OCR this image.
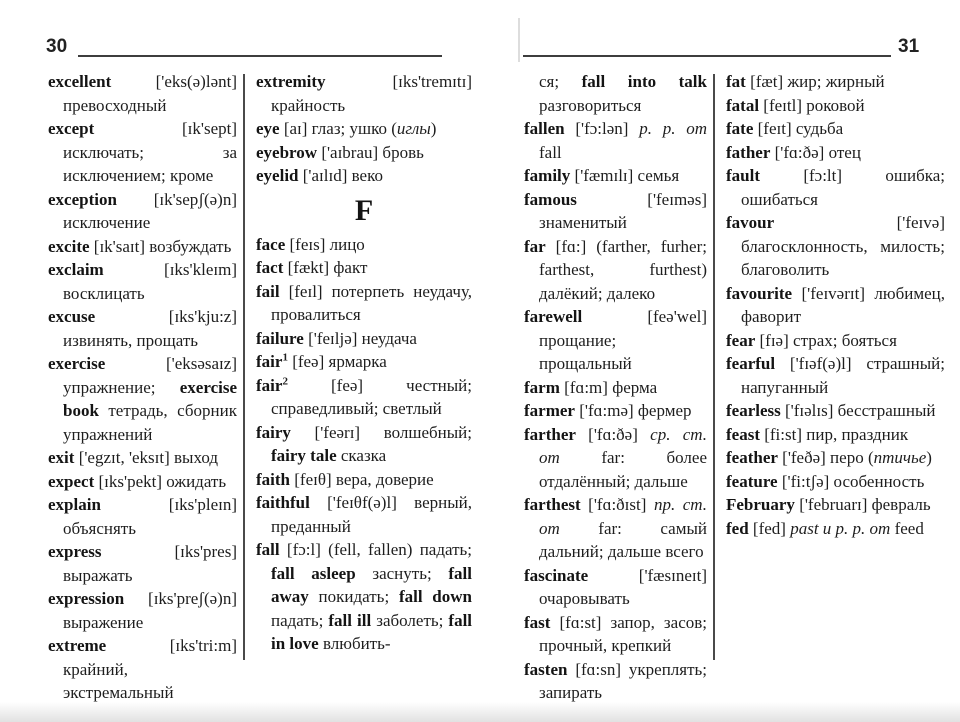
30

excellent ['eks(ə)lənt] превосходный

except [ɪk'sept] исключать; за исключением; кроме

exception [ɪk'sepʃ(ə)n] исключение

excite [ɪk'saɪt] возбуждать

exclaim [ɪks'kleɪm] восклицать

excuse [ɪks'kju:z] извинять, прощать

exercise ['eksəsaɪz] упражнение; exercise book тетрадь, сборник упражнений

exit ['egzɪt, 'eksɪt] выход

expect [ɪks'pekt] ожидать

explain [ɪks'pleɪn] объяснять

express [ɪks'pres] выражать

expression [ɪks'preʃ(ə)n] выражение

extreme [ɪks'tri:m] крайний, экстремальный

extremity [ɪks'tremɪtɪ] крайность

eye [aɪ] глаз; ушко (иглы)

eyebrow ['aɪbrau] бровь

eyelid ['aɪlɪd] веко

F

face [feɪs] лицо

fact [fækt] факт

fail [feɪl] потерпеть неудачу, провалиться

failure ['feɪljə] неудача

fair$^1$ [feə] ярмарка

fair$^2$ [feə] честный; справедливый; светлый

fairy ['feərɪ] волшебный; fairy tale сказка

faith [feɪθ] вера, доверие

faithful ['feɪθf(ə)l] верный, преданный

fall [fɔ:l] (fell, fallen) падать; fall asleep заснуть; fall away покидать; fall down падать; fall ill заболеть; fall in love влюбить-

31

ся; fall into talk разговориться

fallen ['fɔ:lən] p. p. от fall

family ['fæmɪlɪ] семья

famous ['feɪməs] знаменитый

far [fɑ:] (farther, furher; farthest, furthest) далёкий; далеко

farewell [feə'wel] прощание; прощальный

farm [fɑ:m] ферма

farmer ['fɑ:mə] фермер

farther ['fɑ:ðə] ср. ст. от far: более отдалённый; дальше

farthest ['fɑ:ðɪst] пр. ст. от far: самый дальний; дальше всего

fascinate ['fæsɪneɪt] очаровывать

fast [fɑ:st] запор, засов; прочный, крепкий

fasten [fɑ:sn] укреплять; запирать

fat [fæt] жир; жирный

fatal [feɪtl] роковой

fate [feɪt] судьба

father ['fɑ:ðə] отец

fault [fɔ:lt] ошибка; ошибаться

favour ['feɪvə] благосклонность, милость; благоволить

favourite ['feɪvərɪt] любимец, фаворит

fear [fɪə] страх; бояться

fearful ['fɪəf(ə)l] страшный; напуганный

fearless ['fɪəlɪs] бесстрашный

feast [fi:st] пир, праздник

feather ['feðə] перо (птичье)

feature ['fi:tʃə] особенность

February ['februarɪ] февраль

fed [fed] past и p. p. от feed
